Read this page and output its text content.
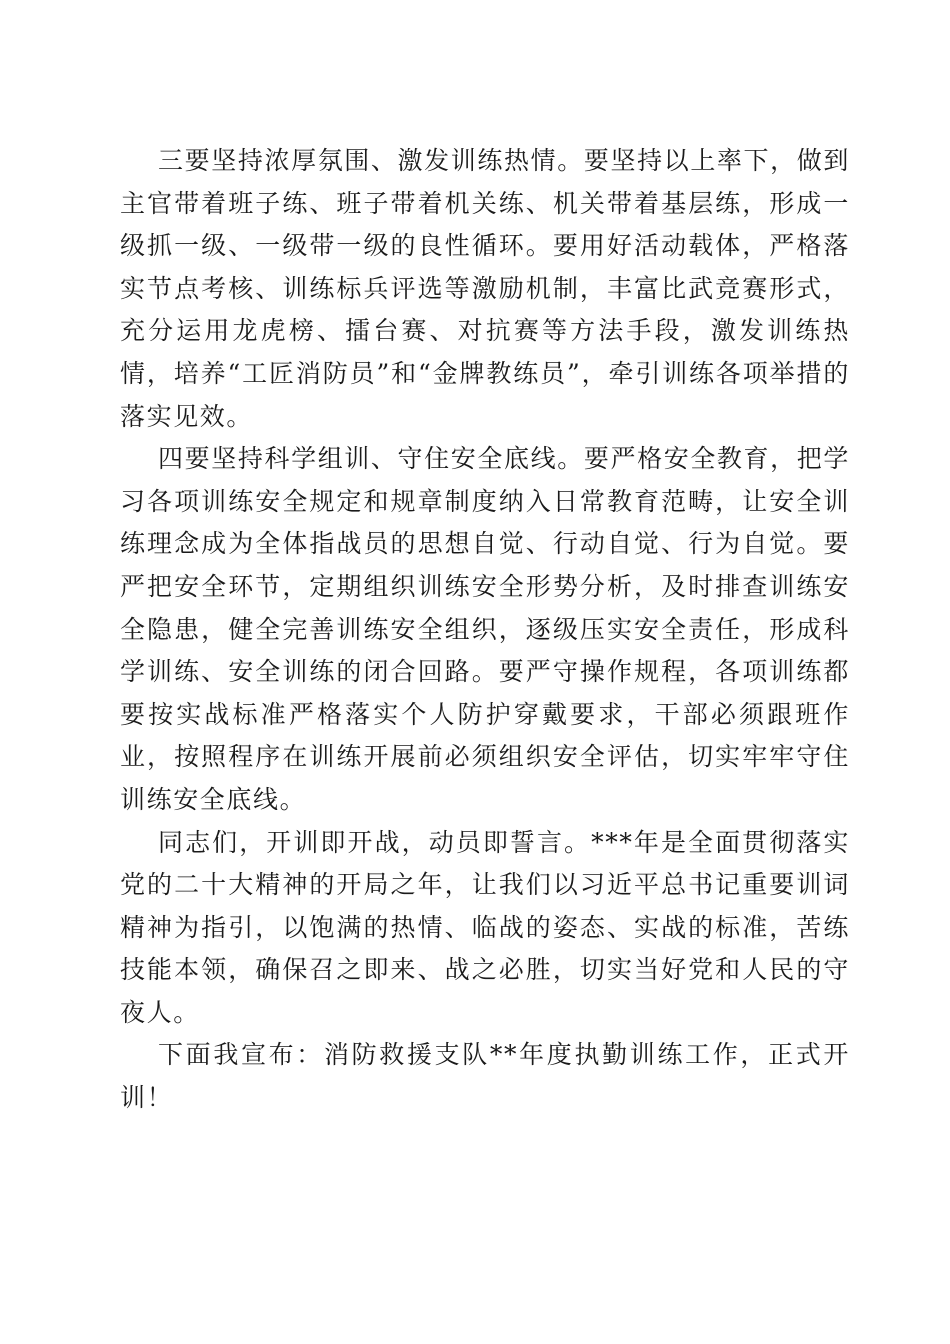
三要坚持浓厚氛围、激发训练热情。要坚持以上率下，做到主官带着班子练、班子带着机关练、机关带着基层练，形成一级抓一级、一级带一级的良性循环。要用好活动载体，严格落实节点考核、训练标兵评选等激励机制，丰富比武竞赛形式，充分运用龙虎榜、擂台赛、对抗赛等方法手段，激发训练热情，培养“工匠消防员”和“金牌教练员”，牵引训练各项举措的落实见效。

四要坚持科学组训、守住安全底线。要严格安全教育，把学习各项训练安全规定和规章制度纳入日常教育范畴，让安全训练理念成为全体指战员的思想自觉、行动自觉、行为自觉。要严把安全环节，定期组织训练安全形势分析，及时排查训练安全隐患，健全完善训练安全组织，逐级压实安全责任，形成科学训练、安全训练的闭合回路。要严守操作规程，各项训练都要按实战标准严格落实个人防护穿戴要求，干部必须跟班作业，按照程序在训练开展前必须组织安全评估，切实牢牢守住训练安全底线。

同志们，开训即开战，动员即誓言。***年是全面贯彻落实党的二十大精神的开局之年，让我们以习近平总书记重要训词精神为指引，以饱满的热情、临战的姿态、实战的标准，苦练技能本领，确保召之即来、战之必胜，切实当好党和人民的守夜人。

下面我宣布：消防救援支队**年度执勤训练工作，正式开训！
